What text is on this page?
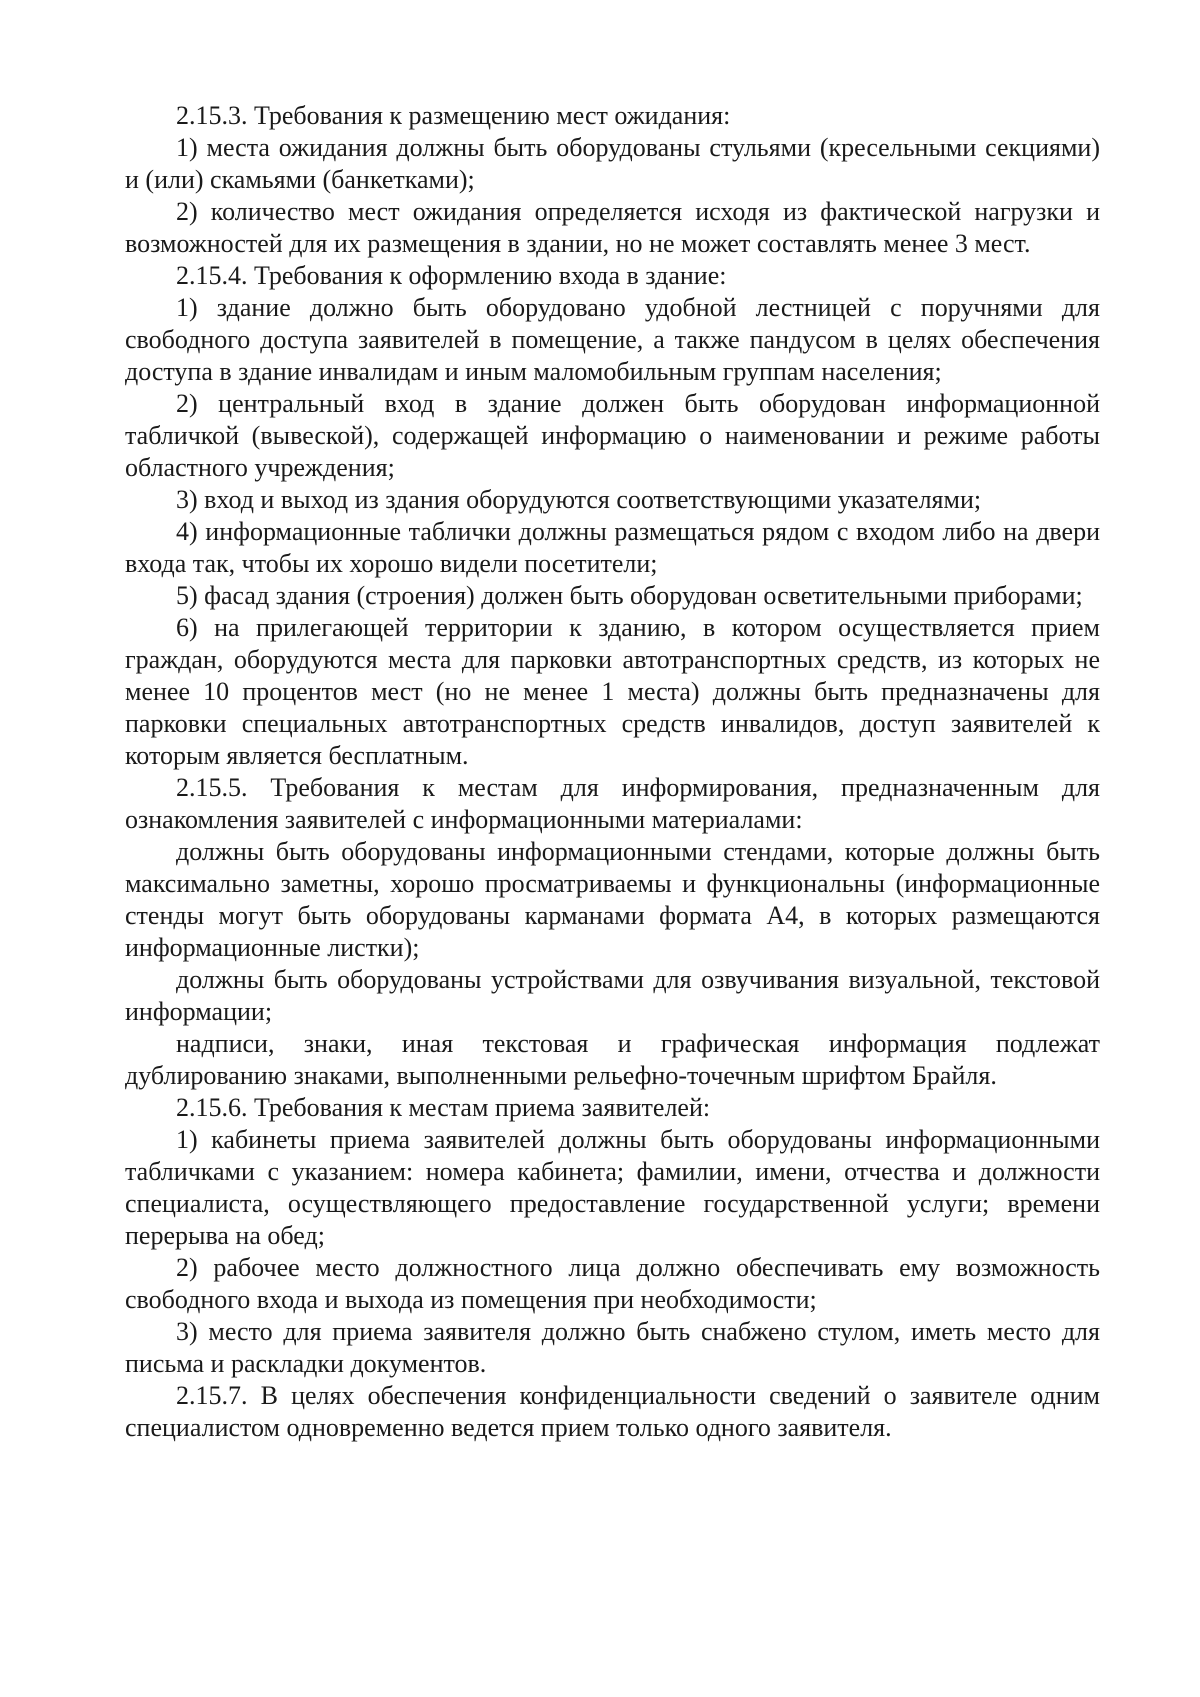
2.15.3. Требования к размещению мест ожидания:

1) места ожидания должны быть оборудованы стульями (кресельными секциями) и (или) скамьями (банкетками);

2) количество мест ожидания определяется исходя из фактической нагрузки и возможностей для их размещения в здании, но не может составлять менее 3 мест.

2.15.4. Требования к оформлению входа в здание:

1) здание должно быть оборудовано удобной лестницей с поручнями для свободного доступа заявителей в помещение, а также пандусом в целях обеспечения доступа в здание инвалидам и иным маломобильным группам населения;

2) центральный вход в здание должен быть оборудован информационной табличкой (вывеской), содержащей информацию о наименовании и режиме работы областного учреждения;

3) вход и выход из здания оборудуются соответствующими указателями;

4) информационные таблички должны размещаться рядом с входом либо на двери входа так, чтобы их хорошо видели посетители;

5) фасад здания (строения) должен быть оборудован осветительными приборами;

6) на прилегающей территории к зданию, в котором осуществляется прием граждан, оборудуются места для парковки автотранспортных средств, из которых не менее 10 процентов мест (но не менее 1 места) должны быть предназначены для парковки специальных автотранспортных средств инвалидов, доступ заявителей к которым является бесплатным.

2.15.5. Требования к местам для информирования, предназначенным для ознакомления заявителей с информационными материалами:

должны быть оборудованы информационными стендами, которые должны быть максимально заметны, хорошо просматриваемы и функциональны (информационные стенды могут быть оборудованы карманами формата А4, в которых размещаются информационные листки);

должны быть оборудованы устройствами для озвучивания визуальной, текстовой информации;

надписи, знаки, иная текстовая и графическая информация подлежат дублированию знаками, выполненными рельефно-точечным шрифтом Брайля.

2.15.6. Требования к местам приема заявителей:

1) кабинеты приема заявителей должны быть оборудованы информационными табличками с указанием: номера кабинета; фамилии, имени, отчества и должности специалиста, осуществляющего предоставление государственной услуги; времени перерыва на обед;

2) рабочее место должностного лица должно обеспечивать ему возможность свободного входа и выхода из помещения при необходимости;

3) место для приема заявителя должно быть снабжено стулом, иметь место для письма и раскладки документов.

2.15.7. В целях обеспечения конфиденциальности сведений о заявителе одним специалистом одновременно ведется прием только одного заявителя.
